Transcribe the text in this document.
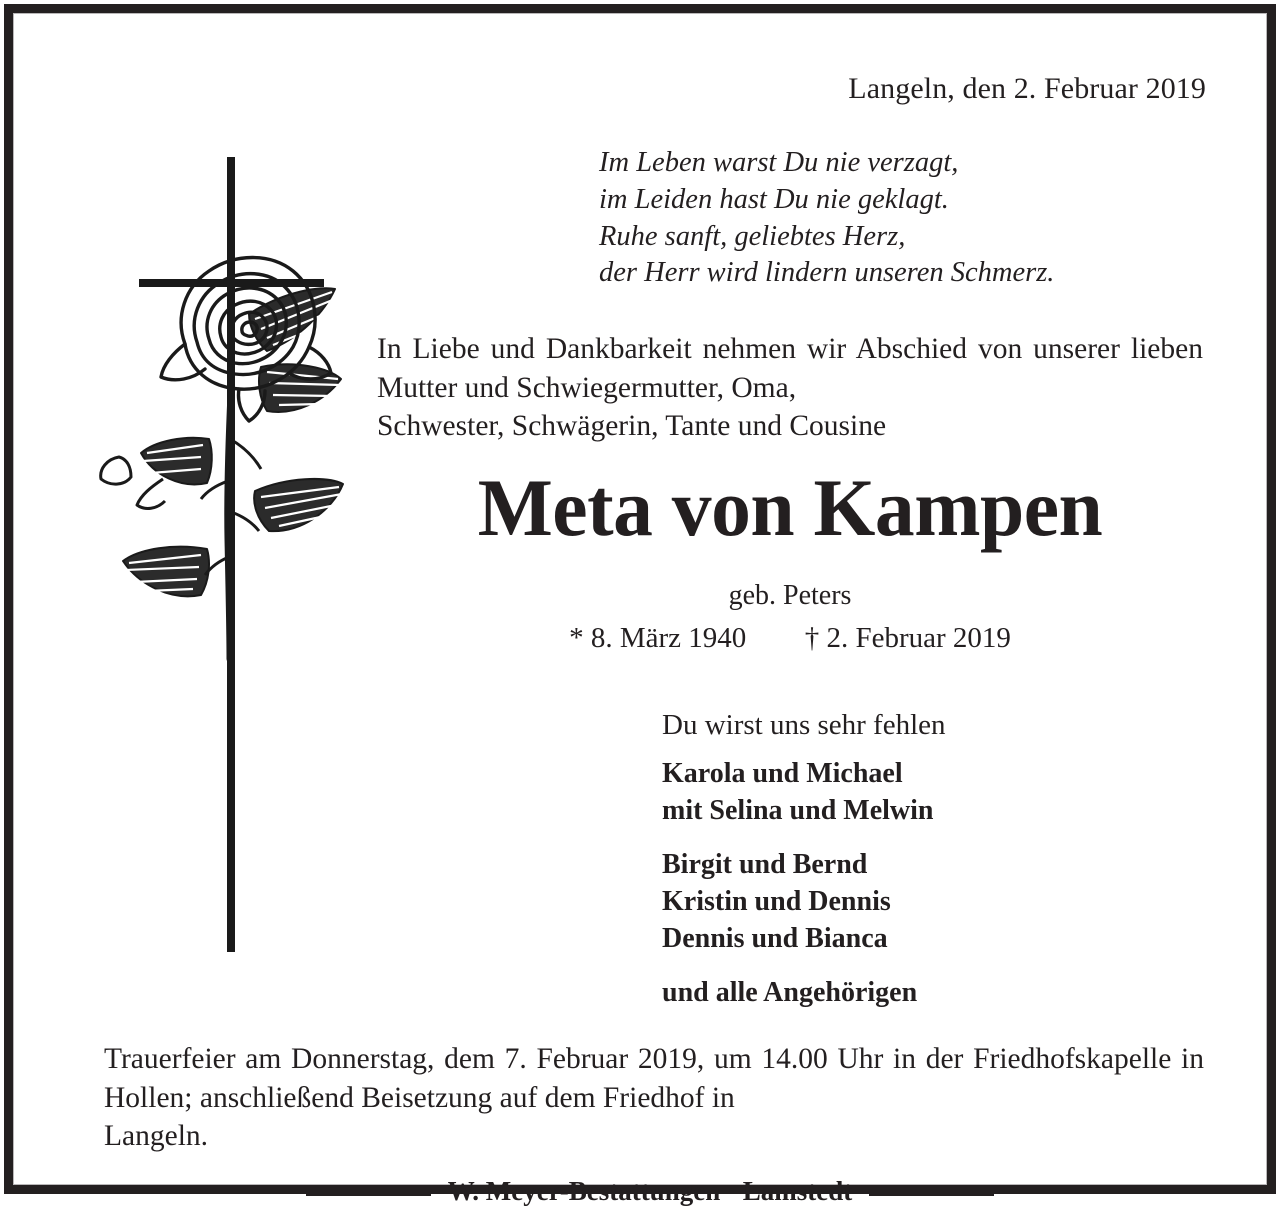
Langeln, den 2. Februar 2019
Im Leben warst Du nie verzagt,
im Leiden hast Du nie geklagt.
Ruhe sanft, geliebtes Herz,
der Herr wird lindern unseren Schmerz.
In Liebe und Dankbarkeit nehmen wir Abschied von unserer lieben Mutter und Schwiegermutter, Oma,
Schwester, Schwägerin, Tante und Cousine
Meta von Kampen
geb. Peters
* 8. März 1940 † 2. Februar 2019
Du wirst uns sehr fehlen
Karola und Michael
mit Selina und Melwin
Birgit und Bernd
Kristin und Dennis
Dennis und Bianca
und alle Angehörigen
Trauerfeier am Donnerstag, dem 7. Februar 2019, um 14.00 Uhr in der Friedhofskapelle in Hollen; anschließend Beisetzung auf dem Friedhof in
Langeln.
W. Meyer-Bestattungen · Lamstedt
